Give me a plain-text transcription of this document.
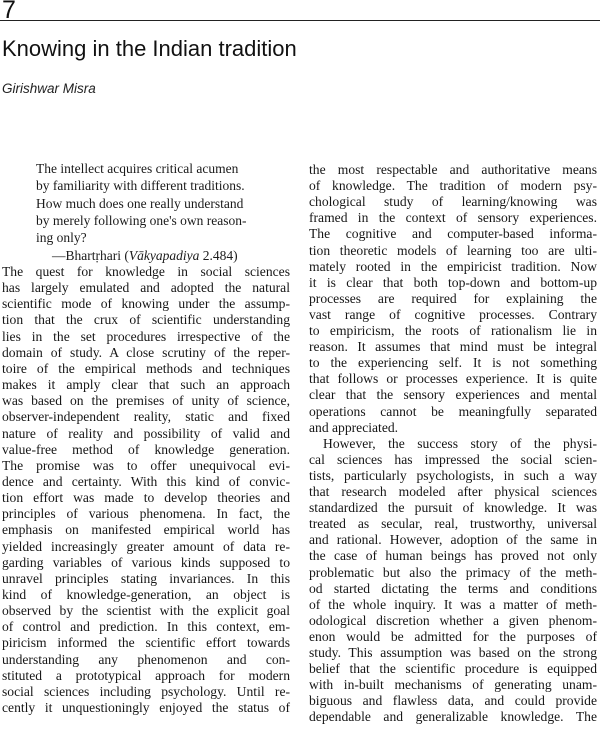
7
Knowing in the Indian tradition
Girishwar Misra
The intellect acquires critical acumen
by familiarity with different traditions.
How much does one really understand
by merely following one's own reason-
ing only?
—Bhartṛhari (Vākyapadiya 2.484)
The quest for knowledge in social sciences
has largely emulated and adopted the natural
scientific mode of knowing under the assump-
tion that the crux of scientific understanding
lies in the set procedures irrespective of the
domain of study. A close scrutiny of the reper-
toire of the empirical methods and techniques
makes it amply clear that such an approach
was based on the premises of unity of science,
observer-independent reality, static and fixed
nature of reality and possibility of valid and
value-free method of knowledge generation.
The promise was to offer unequivocal evi-
dence and certainty. With this kind of convic-
tion effort was made to develop theories and
principles of various phenomena. In fact, the
emphasis on manifested empirical world has
yielded increasingly greater amount of data re-
garding variables of various kinds supposed to
unravel principles stating invariances. In this
kind of knowledge-generation, an object is
observed by the scientist with the explicit goal
of control and prediction. In this context, em-
piricism informed the scientific effort towards
understanding any phenomenon and con-
stituted a prototypical approach for modern
social sciences including psychology. Until re-
cently it unquestioningly enjoyed the status of
the most respectable and authoritative means
of knowledge. The tradition of modern psy-
chological study of learning/knowing was
framed in the context of sensory experiences.
The cognitive and computer-based informa-
tion theoretic models of learning too are ulti-
mately rooted in the empiricist tradition. Now
it is clear that both top-down and bottom-up
processes are required for explaining the
vast range of cognitive processes. Contrary
to empiricism, the roots of rationalism lie in
reason. It assumes that mind must be integral
to the experiencing self. It is not something
that follows or processes experience. It is quite
clear that the sensory experiences and mental
operations cannot be meaningfully separated
and appreciated.
However, the success story of the physi-
cal sciences has impressed the social scien-
tists, particularly psychologists, in such a way
that research modeled after physical sciences
standardized the pursuit of knowledge. It was
treated as secular, real, trustworthy, universal
and rational. However, adoption of the same in
the case of human beings has proved not only
problematic but also the primacy of the meth-
od started dictating the terms and conditions
of the whole inquiry. It was a matter of meth-
odological discretion whether a given phenom-
enon would be admitted for the purposes of
study. This assumption was based on the strong
belief that the scientific procedure is equipped
with in-built mechanisms of generating unam-
biguous and flawless data, and could provide
dependable and generalizable knowledge. The
